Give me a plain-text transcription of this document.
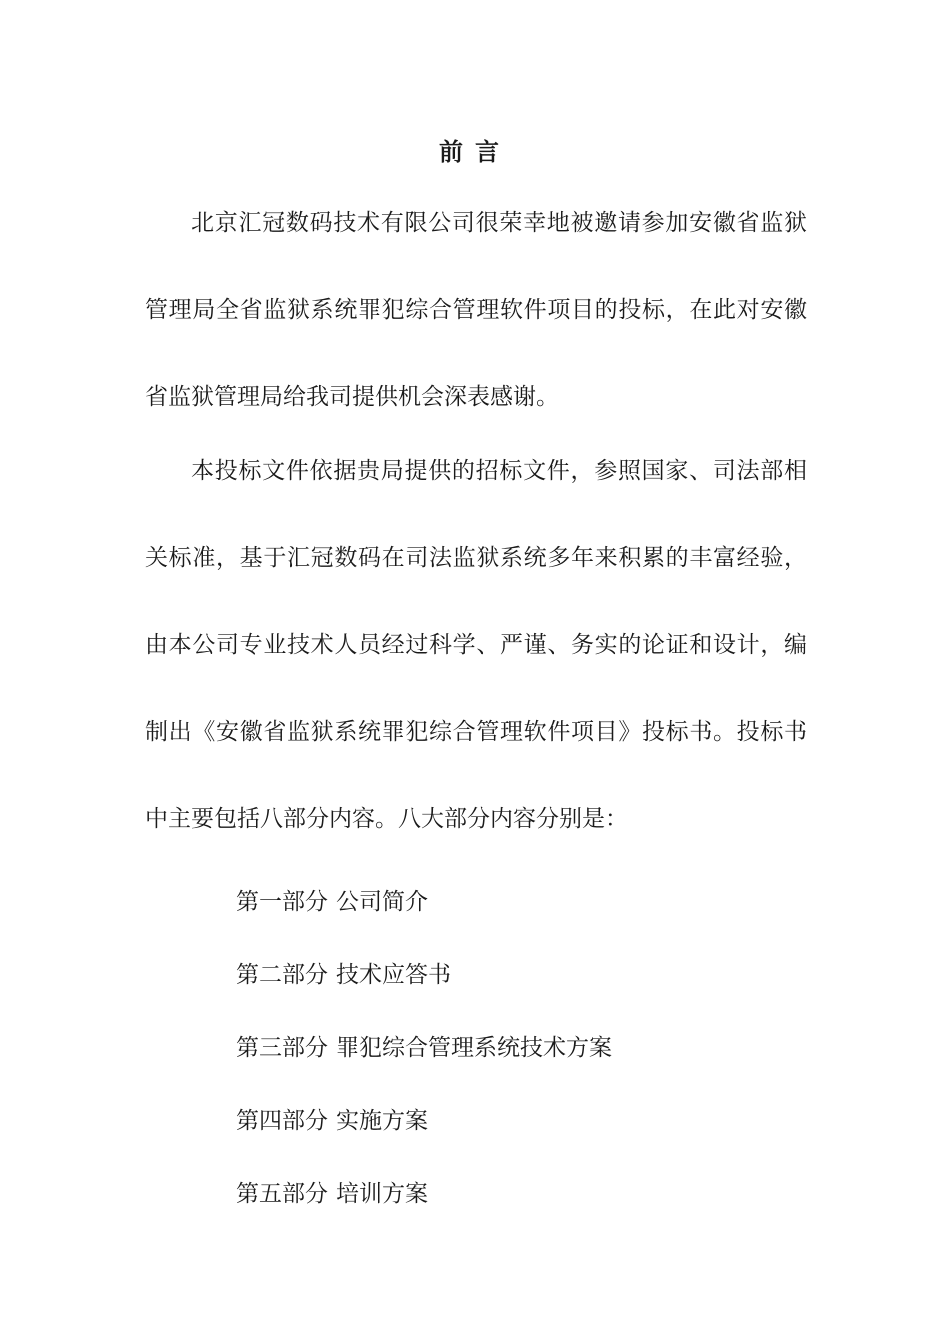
前言

北京汇冠数码技术有限公司很荣幸地被邀请参加安徽省监狱管理局全省监狱系统罪犯综合管理软件项目的投标，在此对安徽省监狱管理局给我司提供机会深表感谢。

本投标文件依据贵局提供的招标文件，参照国家、司法部相关标准，基于汇冠数码在司法监狱系统多年来积累的丰富经验，由本公司专业技术人员经过科学、严谨、务实的论证和设计，编制出《安徽省监狱系统罪犯综合管理软件项目》投标书。投标书中主要包括八部分内容。八大部分内容分别是：

第一部分 公司简介
第二部分 技术应答书
第三部分 罪犯综合管理系统技术方案
第四部分 实施方案
第五部分 培训方案
